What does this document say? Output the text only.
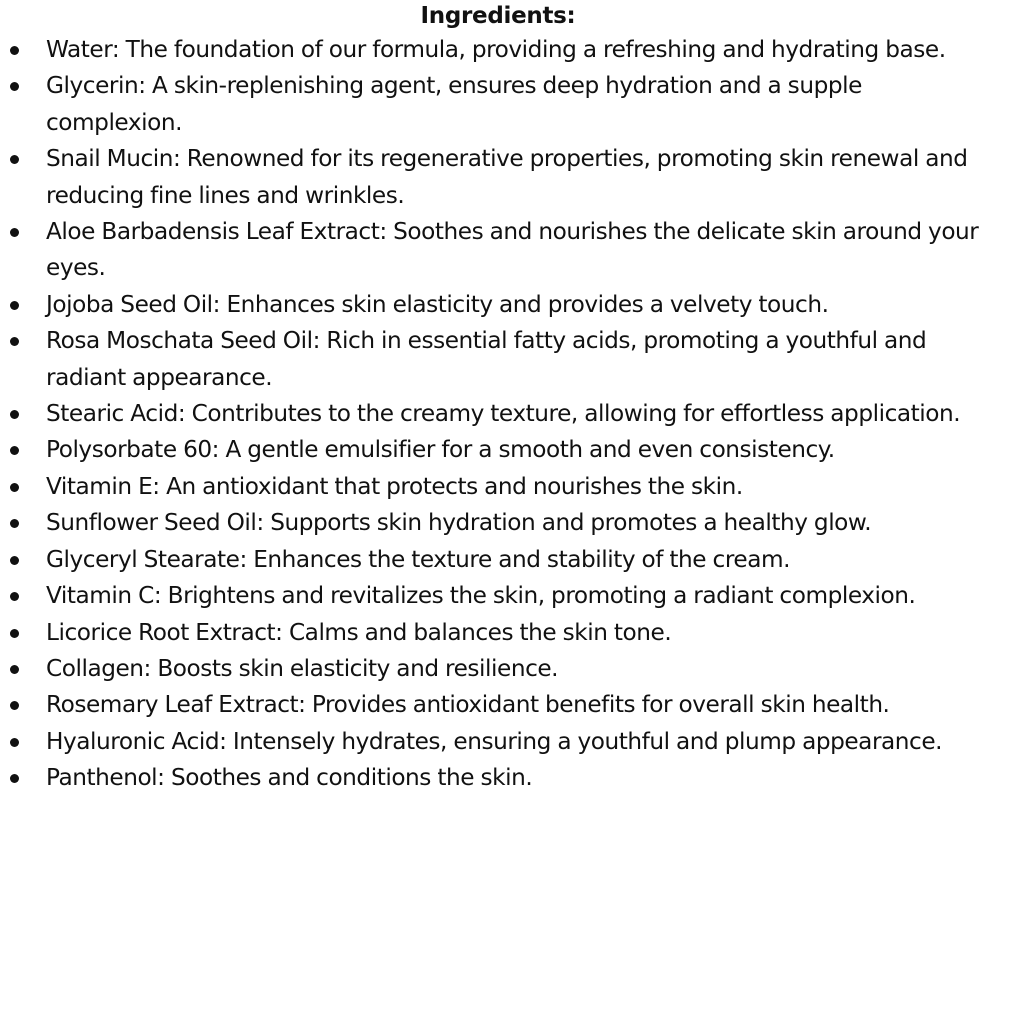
Ingredients:
Water: The foundation of our formula, providing a refreshing and hydrating base.
Glycerin: A skin-replenishing agent, ensures deep hydration and a supple complexion.
Snail Mucin: Renowned for its regenerative properties, promoting skin renewal and reducing fine lines and wrinkles.
Aloe Barbadensis Leaf Extract: Soothes and nourishes the delicate skin around your eyes.
Jojoba Seed Oil: Enhances skin elasticity and provides a velvety touch.
Rosa Moschata Seed Oil: Rich in essential fatty acids, promoting a youthful and radiant appearance.
Stearic Acid: Contributes to the creamy texture, allowing for effortless application.
Polysorbate 60: A gentle emulsifier for a smooth and even consistency.
Vitamin E: An antioxidant that protects and nourishes the skin.
Sunflower Seed Oil: Supports skin hydration and promotes a healthy glow.
Glyceryl Stearate: Enhances the texture and stability of the cream.
Vitamin C: Brightens and revitalizes the skin, promoting a radiant complexion.
Licorice Root Extract: Calms and balances the skin tone.
Collagen: Boosts skin elasticity and resilience.
Rosemary Leaf Extract: Provides antioxidant benefits for overall skin health.
Hyaluronic Acid: Intensely hydrates, ensuring a youthful and plump appearance.
Panthenol: Soothes and conditions the skin.
